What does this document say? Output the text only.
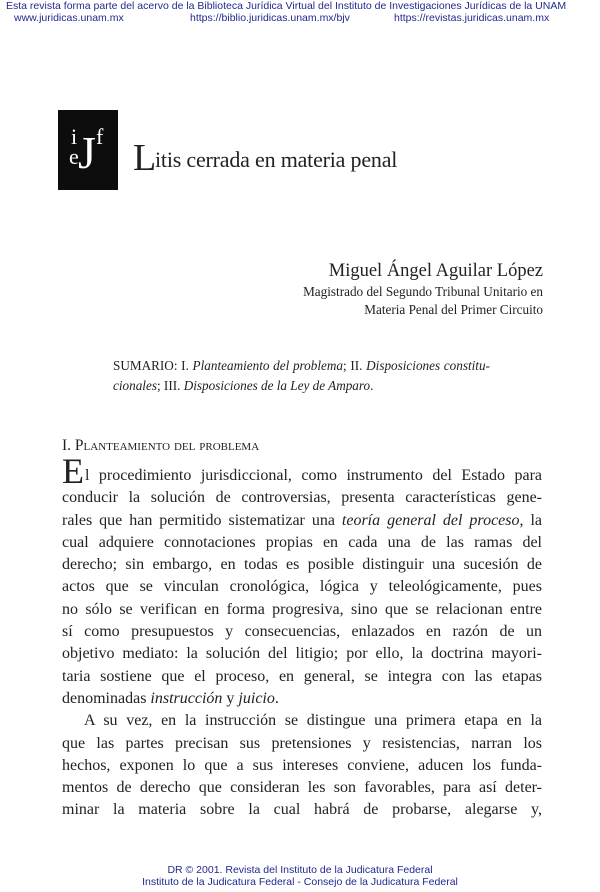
Esta revista forma parte del acervo de la Biblioteca Jurídica Virtual del Instituto de Investigaciones Jurídicas de la UNAM
www.juridicas.unam.mx	https://biblio.juridicas.unam.mx/bjv	https://revistas.juridicas.unam.mx
i J f
e Litis cerrada en materia penal
Miguel Ángel Aguilar López
Magistrado del Segundo Tribunal Unitario en
Materia Penal del Primer Circuito
SUMARIO: I. Planteamiento del problema; II. Disposiciones constitu-
cionales; III. Disposiciones de la Ley de Amparo.
I. Planteamiento del problema

El procedimiento jurisdiccional, como instrumento del Estado para
conducir la solución de controversias, presenta características gene-
rales que han permitido sistematizar una teoría general del proceso, la
cual adquiere connotaciones propias en cada una de las ramas del
derecho; sin embargo, en todas es posible distinguir una sucesión de
actos que se vinculan cronológica, lógica y teleológicamente, pues
no sólo se verifican en forma progresiva, sino que se relacionan entre
sí como presupuestos y consecuencias, enlazados en razón de un
objetivo mediato: la solución del litigio; por ello, la doctrina mayori-
taria sostiene que el proceso, en general, se integra con las etapas
denominadas instrucción y juicio.

A su vez, en la instrucción se distingue una primera etapa en la
que las partes precisan sus pretensiones y resistencias, narran los
hechos, exponen lo que a sus intereses conviene, aducen los funda-
mentos de derecho que consideran les son favorables, para así deter-
minar la materia sobre la cual habrá de probarse, alegarse y,

DR © 2001. Revista del Instituto de la Judicatura Federal
Instituto de la Judicatura Federal - Consejo de la Judicatura Federal
